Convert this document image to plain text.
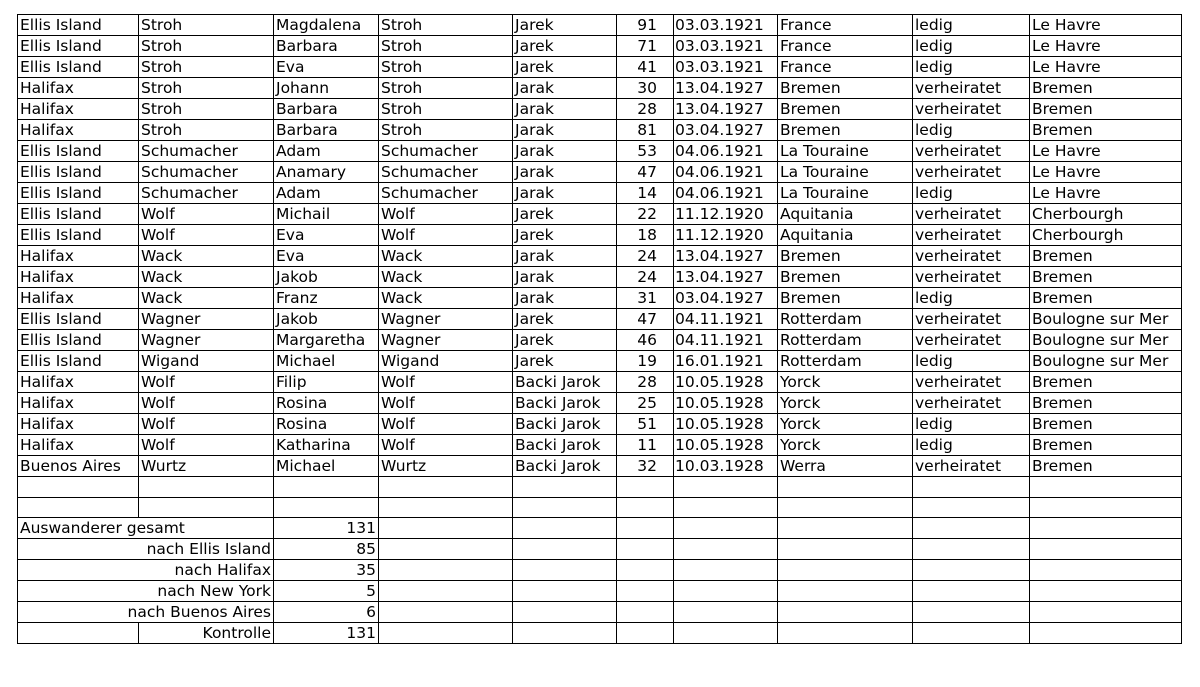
Ellis Island	Stroh	Magdalena	Stroh	Jarek	91	03.03.1921	France	ledig	Le Havre
Ellis Island	Stroh	Barbara	Stroh	Jarek	71	03.03.1921	France	ledig	Le Havre
Ellis Island	Stroh	Eva	Stroh	Jarek	41	03.03.1921	France	ledig	Le Havre
Halifax	Stroh	Johann	Stroh	Jarak	30	13.04.1927	Bremen	verheiratet	Bremen
Halifax	Stroh	Barbara	Stroh	Jarak	28	13.04.1927	Bremen	verheiratet	Bremen
Halifax	Stroh	Barbara	Stroh	Jarak	81	03.04.1927	Bremen	ledig	Bremen
Ellis Island	Schumacher	Adam	Schumacher	Jarak	53	04.06.1921	La Touraine	verheiratet	Le Havre
Ellis Island	Schumacher	Anamary	Schumacher	Jarak	47	04.06.1921	La Touraine	verheiratet	Le Havre
Ellis Island	Schumacher	Adam	Schumacher	Jarak	14	04.06.1921	La Touraine	ledig	Le Havre
Ellis Island	Wolf	Michail	Wolf	Jarek	22	11.12.1920	Aquitania	verheiratet	Cherbourgh
Ellis Island	Wolf	Eva	Wolf	Jarek	18	11.12.1920	Aquitania	verheiratet	Cherbourgh
Halifax	Wack	Eva	Wack	Jarak	24	13.04.1927	Bremen	verheiratet	Bremen
Halifax	Wack	Jakob	Wack	Jarak	24	13.04.1927	Bremen	verheiratet	Bremen
Halifax	Wack	Franz	Wack	Jarak	31	03.04.1927	Bremen	ledig	Bremen
Ellis Island	Wagner	Jakob	Wagner	Jarek	47	04.11.1921	Rotterdam	verheiratet	Boulogne sur Mer
Ellis Island	Wagner	Margaretha	Wagner	Jarek	46	04.11.1921	Rotterdam	verheiratet	Boulogne sur Mer
Ellis Island	Wigand	Michael	Wigand	Jarek	19	16.01.1921	Rotterdam	ledig	Boulogne sur Mer
Halifax	Wolf	Filip	Wolf	Backi Jarok	28	10.05.1928	Yorck	verheiratet	Bremen
Halifax	Wolf	Rosina	Wolf	Backi Jarok	25	10.05.1928	Yorck	verheiratet	Bremen
Halifax	Wolf	Rosina	Wolf	Backi Jarok	51	10.05.1928	Yorck	ledig	Bremen
Halifax	Wolf	Katharina	Wolf	Backi Jarok	11	10.05.1928	Yorck	ledig	Bremen
Buenos Aires	Wurtz	Michael	Wurtz	Backi Jarok	32	10.03.1928	Werra	verheiratet	Bremen

Auswanderer gesamt		131							
nach Ellis Island		85							
nach Halifax		35							
nach New York		5							
nach Buenos Aires		6							
	Kontrolle	131							
